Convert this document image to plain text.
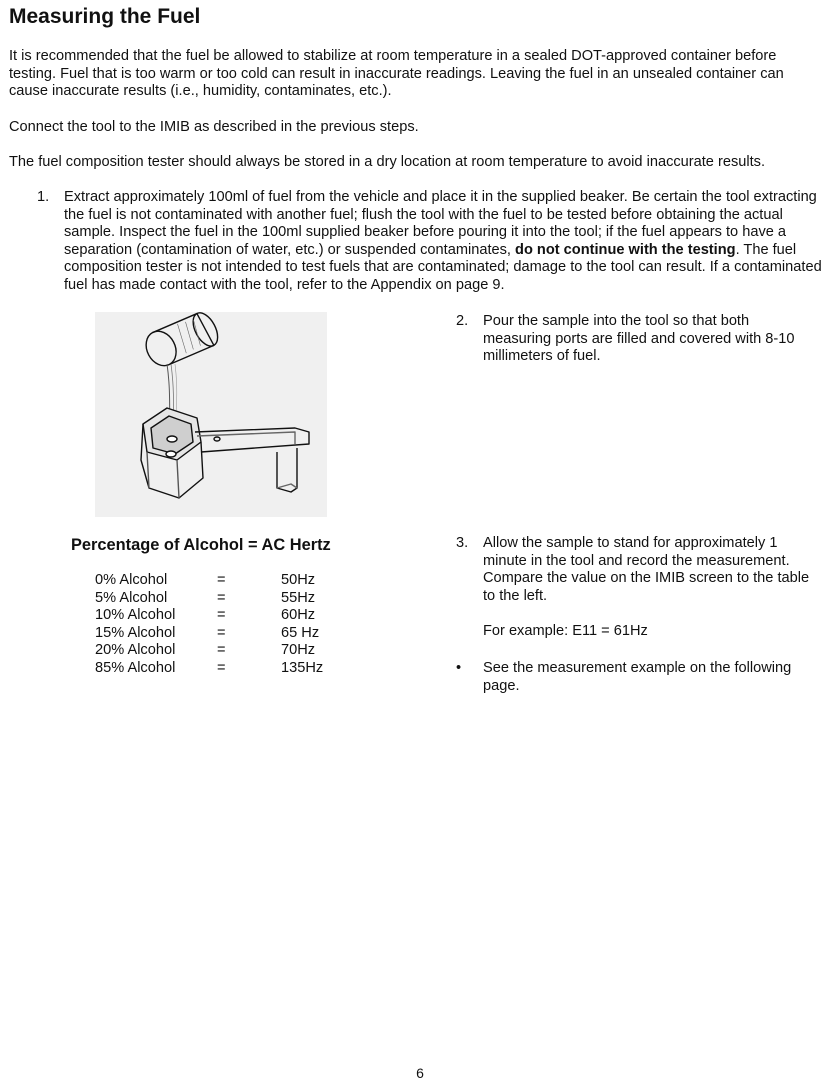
Measuring the Fuel

It is recommended that the fuel be allowed to stabilize at room temperature in a sealed DOT-approved container before testing. Fuel that is too warm or too cold can result in inaccurate readings. Leaving the fuel in an unsealed container can cause inaccurate results (i.e., humidity, contaminates, etc.).

Connect the tool to the IMIB as described in the previous steps.

The fuel composition tester should always be stored in a dry location at room temperature to avoid inaccurate results.

1. Extract approximately 100ml of fuel from the vehicle and place it in the supplied beaker. Be certain the tool extracting the fuel is not contaminated with another fuel; flush the tool with the fuel to be tested before obtaining the actual sample. Inspect the fuel in the 100ml supplied beaker before pouring it into the tool; if the fuel appears to have a separation (contamination of water, etc.) or suspended contaminates, do not continue with the testing. The fuel composition tester is not intended to test fuels that are contaminated; damage to the tool can result. If a contaminated fuel has made contact with the tool, refer to the Appendix on page 9.
2. Pour the sample into the tool so that both measuring ports are filled and covered with 8-10 millimeters of fuel.
Percentage of Alcohol = AC Hertz
0% Alcohol	=	50Hz
5% Alcohol	=	55Hz
10% Alcohol	=	60Hz
15% Alcohol	=	65 Hz
20% Alcohol	=	70Hz
85% Alcohol	=	135Hz
3. Allow the sample to stand for approximately 1 minute in the tool and record the measurement. Compare the value on the IMIB screen to the table to the left.
For example: E11 = 61Hz
• See the measurement example on the following page.
6
